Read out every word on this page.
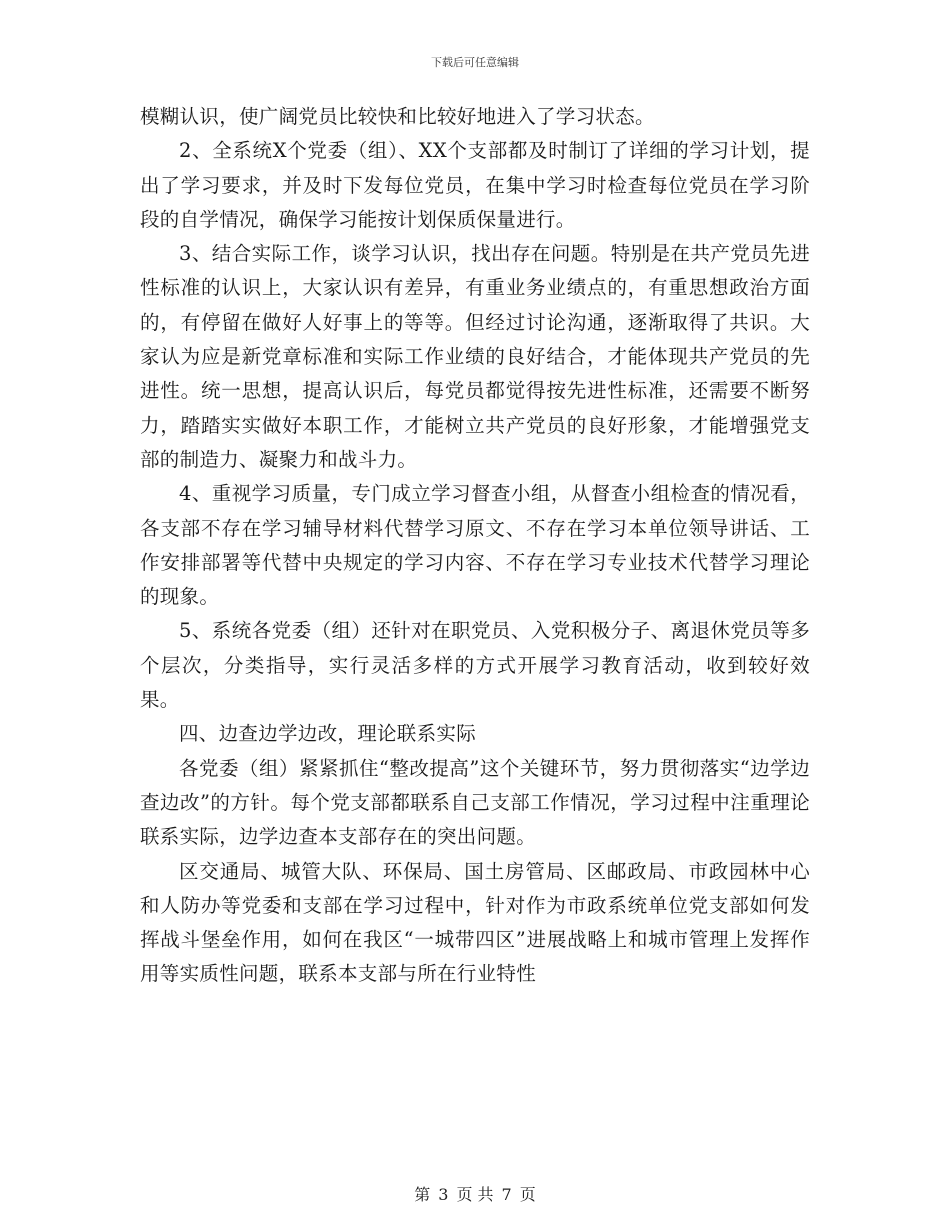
下载后可任意编辑

模糊认识，使广阔党员比较快和比较好地进入了学习状态。

2、全系统X个党委（组）、XX个支部都及时制订了详细的学习计划，提出了学习要求，并及时下发每位党员，在集中学习时检查每位党员在学习阶段的自学情况，确保学习能按计划保质保量进行。

3、结合实际工作，谈学习认识，找出存在问题。特别是在共产党员先进性标准的认识上，大家认识有差异，有重业务业绩点的，有重思想政治方面的，有停留在做好人好事上的等等。但经过讨论沟通，逐渐取得了共识。大家认为应是新党章标准和实际工作业绩的良好结合，才能体现共产党员的先进性。统一思想，提高认识后，每党员都觉得按先进性标准，还需要不断努力，踏踏实实做好本职工作，才能树立共产党员的良好形象，才能增强党支部的制造力、凝聚力和战斗力。

4、重视学习质量，专门成立学习督查小组，从督查小组检查的情况看，各支部不存在学习辅导材料代替学习原文、不存在学习本单位领导讲话、工作安排部署等代替中央规定的学习内容、不存在学习专业技术代替学习理论的现象。

5、系统各党委（组）还针对在职党员、入党积极分子、离退休党员等多个层次，分类指导，实行灵活多样的方式开展学习教育活动，收到较好效果。

四、边查边学边改，理论联系实际

各党委（组）紧紧抓住“整改提高”这个关键环节，努力贯彻落实“边学边查边改”的方针。每个党支部都联系自己支部工作情况，学习过程中注重理论联系实际，边学边查本支部存在的突出问题。

区交通局、城管大队、环保局、国土房管局、区邮政局、市政园林中心和人防办等党委和支部在学习过程中，针对作为市政系统单位党支部如何发挥战斗堡垒作用，如何在我区“一城带四区”进展战略上和城市管理上发挥作用等实质性问题，联系本支部与所在行业特性

第 3 页 共 7 页
